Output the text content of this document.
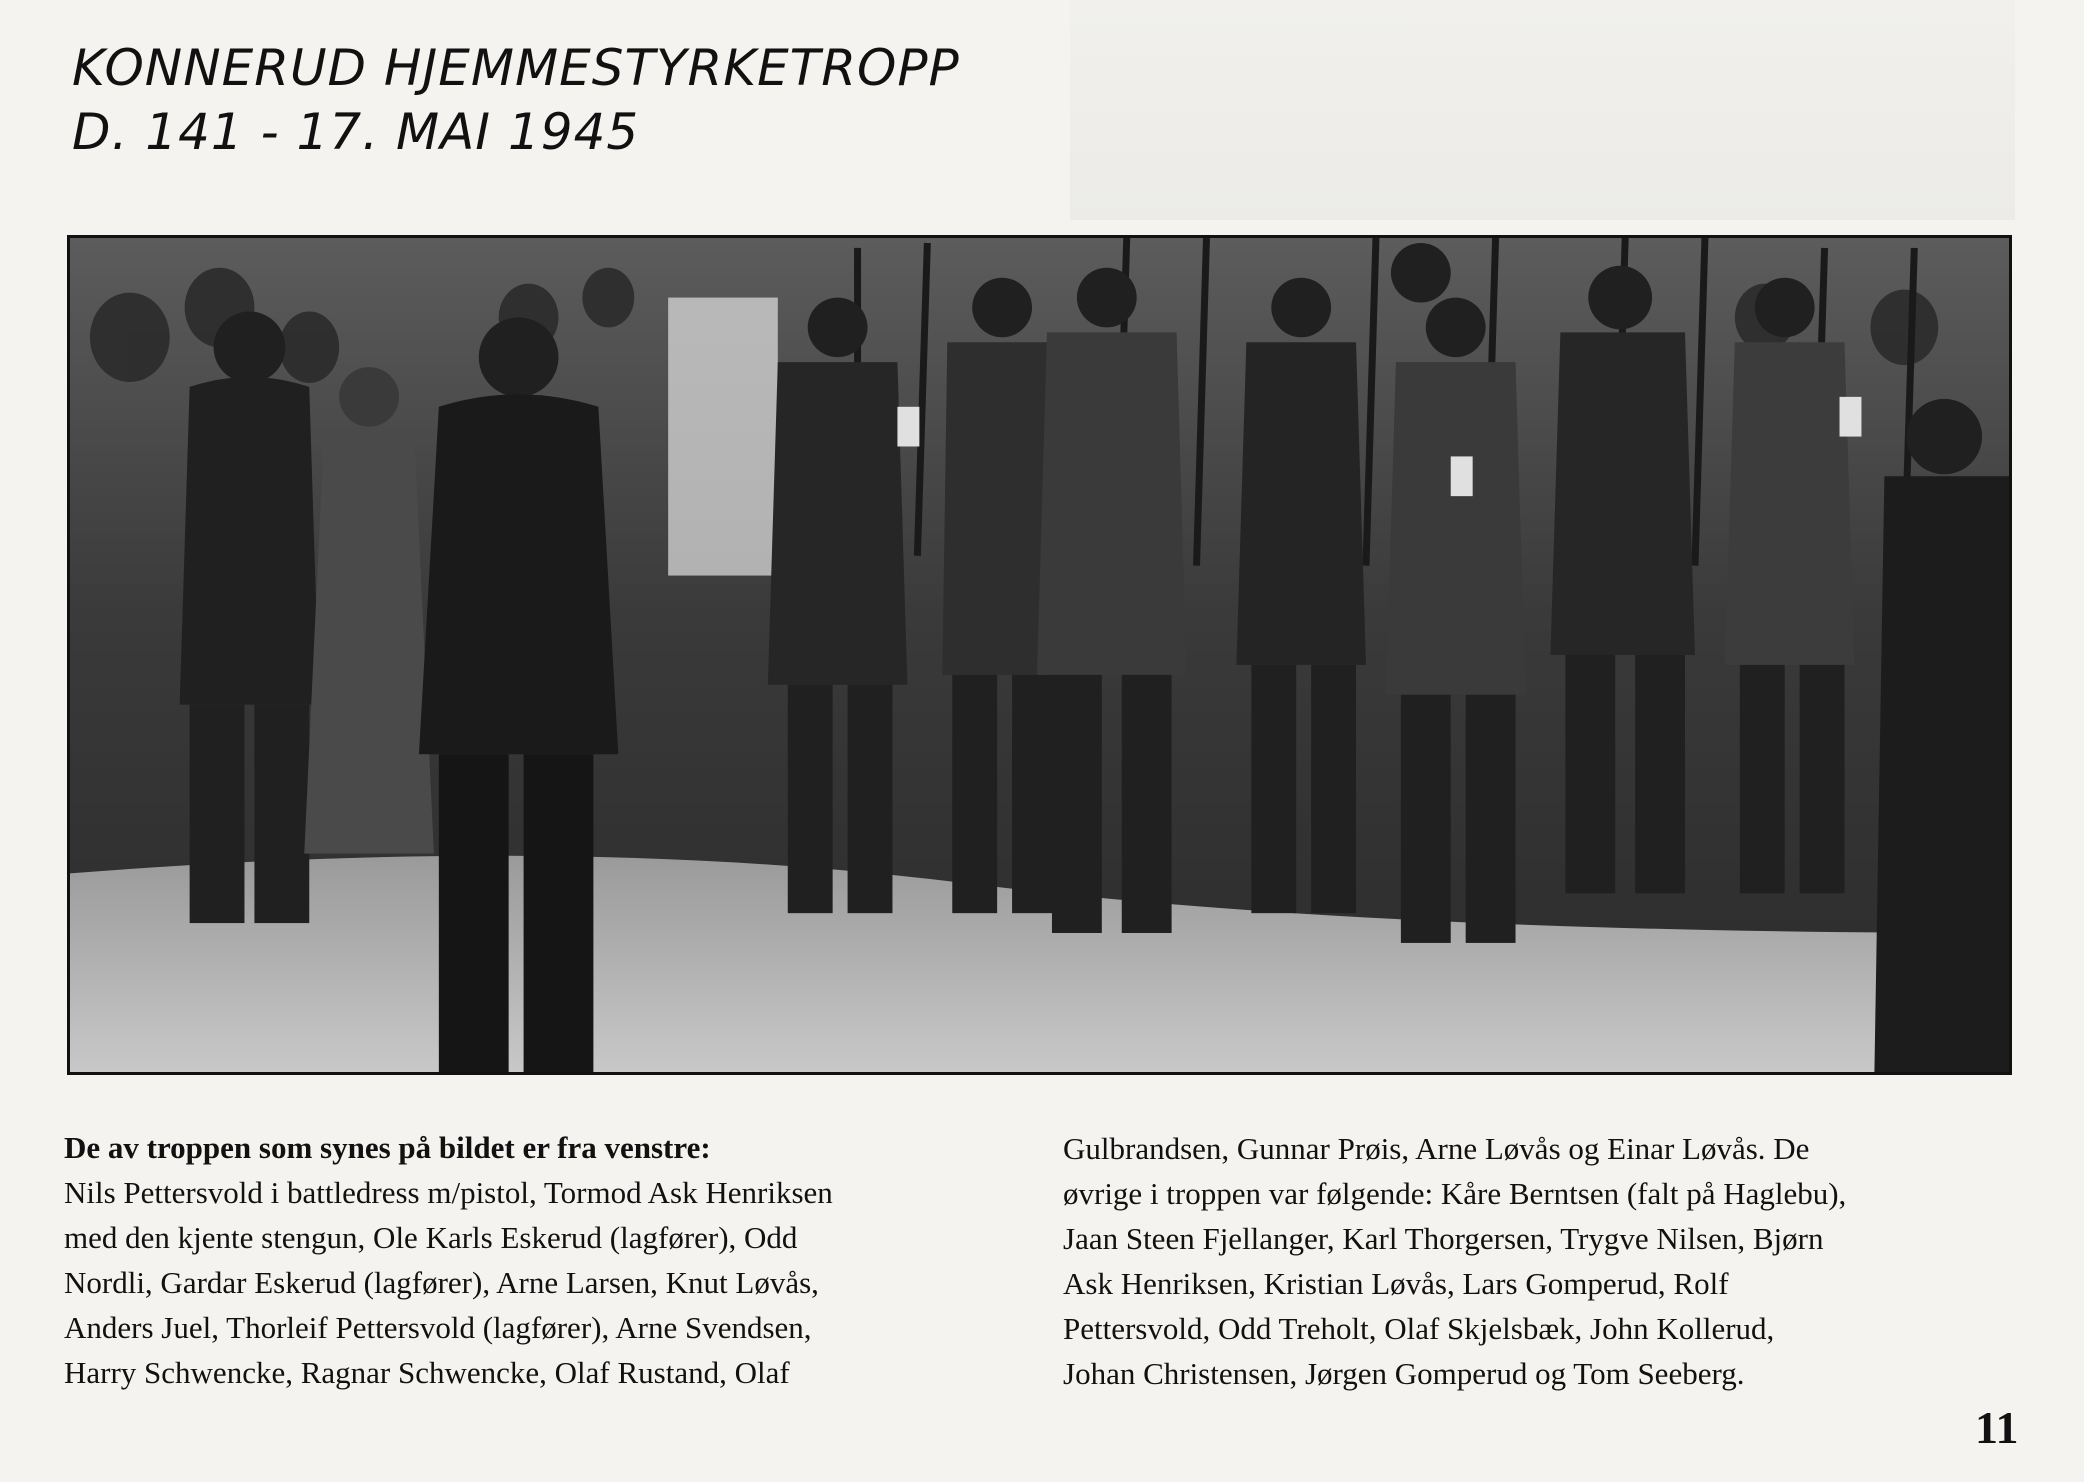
KONNERUD HJEMMESTYRKETROPP
D. 141 - 17. MAI 1945
De av troppen som synes på bildet er fra venstre:
Nils Pettersvold i battledress m/pistol, Tormod Ask Henriksen
med den kjente stengun, Ole Karls Eskerud (lagfører), Odd
Nordli, Gardar Eskerud (lagfører), Arne Larsen, Knut Løvås,
Anders Juel, Thorleif Pettersvold (lagfører), Arne Svendsen,
Harry Schwencke, Ragnar Schwencke, Olaf Rustand, Olaf
Gulbrandsen, Gunnar Prøis, Arne Løvås og Einar Løvås. De
øvrige i troppen var følgende: Kåre Berntsen (falt på Haglebu),
Jaan Steen Fjellanger, Karl Thorgersen, Trygve Nilsen, Bjørn
Ask Henriksen, Kristian Løvås, Lars Gomperud, Rolf
Pettersvold, Odd Treholt, Olaf Skjelsbæk, John Kollerud,
Johan Christensen, Jørgen Gomperud og Tom Seeberg.
11
